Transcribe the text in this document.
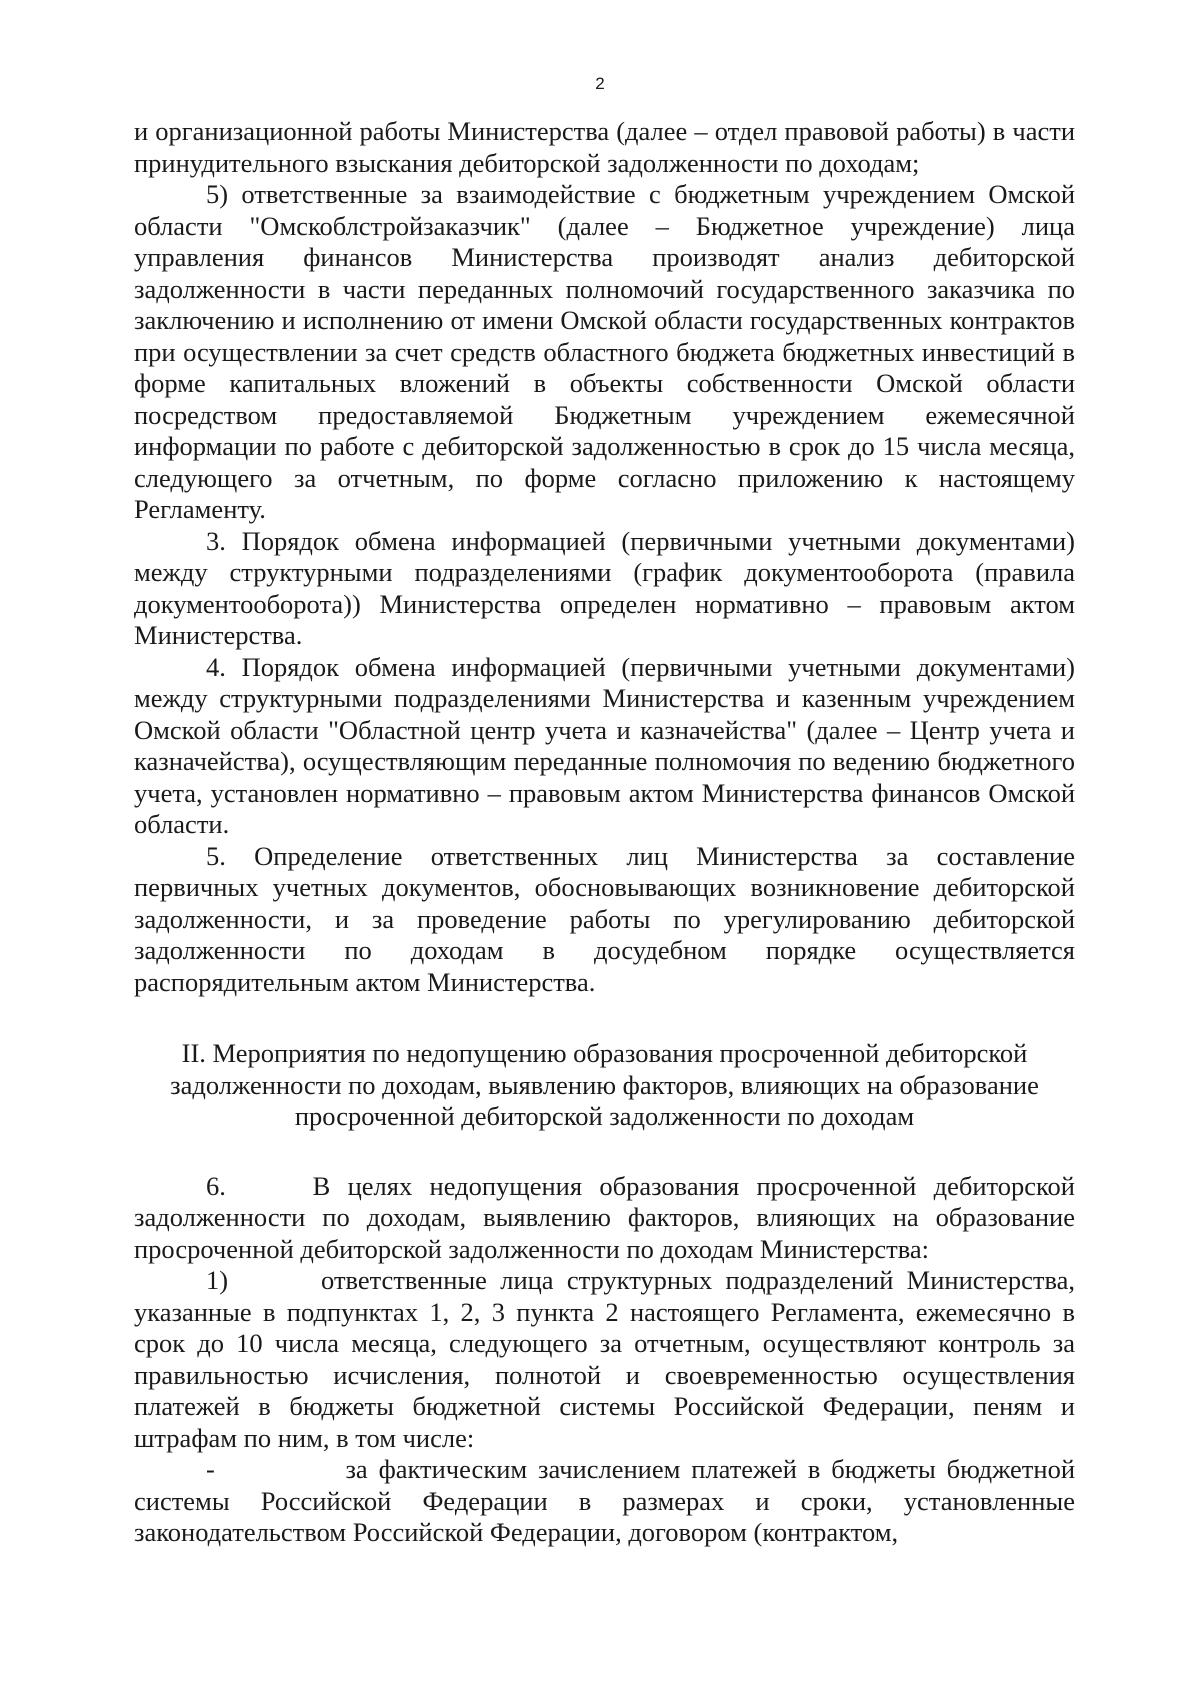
2

и организационной работы Министерства (далее – отдел правовой работы) в части принудительного взыскания дебиторской задолженности по доходам;

5) ответственные за взаимодействие с бюджетным учреждением Омской области "Омскоблстройзаказчик" (далее – Бюджетное учреждение) лица управления финансов Министерства производят анализ дебиторской задолженности в части переданных полномочий государственного заказчика по заключению и исполнению от имени Омской области государственных контрактов при осуществлении за счет средств областного бюджета бюджетных инвестиций в форме капитальных вложений в объекты собственности Омской области посредством предоставляемой Бюджетным учреждением ежемесячной информации по работе с дебиторской задолженностью в срок до 15 числа месяца, следующего за отчетным, по форме согласно приложению к настоящему Регламенту.

3. Порядок обмена информацией (первичными учетными документами) между структурными подразделениями (график документооборота (правила документооборота)) Министерства определен нормативно – правовым актом Министерства.

4. Порядок обмена информацией (первичными учетными документами) между структурными подразделениями Министерства и казенным учреждением Омской области "Областной центр учета и казначейства" (далее – Центр учета и казначейства), осуществляющим переданные полномочия по ведению бюджетного учета, установлен нормативно – правовым актом Министерства финансов Омской области.

5. Определение ответственных лиц Министерства за составление первичных учетных документов, обосновывающих возникновение дебиторской задолженности, и за проведение работы по урегулированию дебиторской задолженности по доходам в досудебном порядке осуществляется распорядительным актом Министерства.

II. Мероприятия по недопущению образования просроченной дебиторской задолженности по доходам, выявлению факторов, влияющих на образование просроченной дебиторской задолженности по доходам

6.	В целях недопущения образования просроченной дебиторской задолженности по доходам, выявлению факторов, влияющих на образование просроченной дебиторской задолженности по доходам Министерства:

1)	ответственные лица структурных подразделений Министерства, указанные в подпунктах 1, 2, 3 пункта 2 настоящего Регламента, ежемесячно в срок до 10 числа месяца, следующего за отчетным, осуществляют контроль за правильностью исчисления, полнотой и своевременностью осуществления платежей в бюджеты бюджетной системы Российской Федерации, пеням и штрафам по ним, в том числе:

-	за фактическим зачислением платежей в бюджеты бюджетной системы Российской Федерации в размерах и сроки, установленные законодательством Российской Федерации, договором (контрактом,
